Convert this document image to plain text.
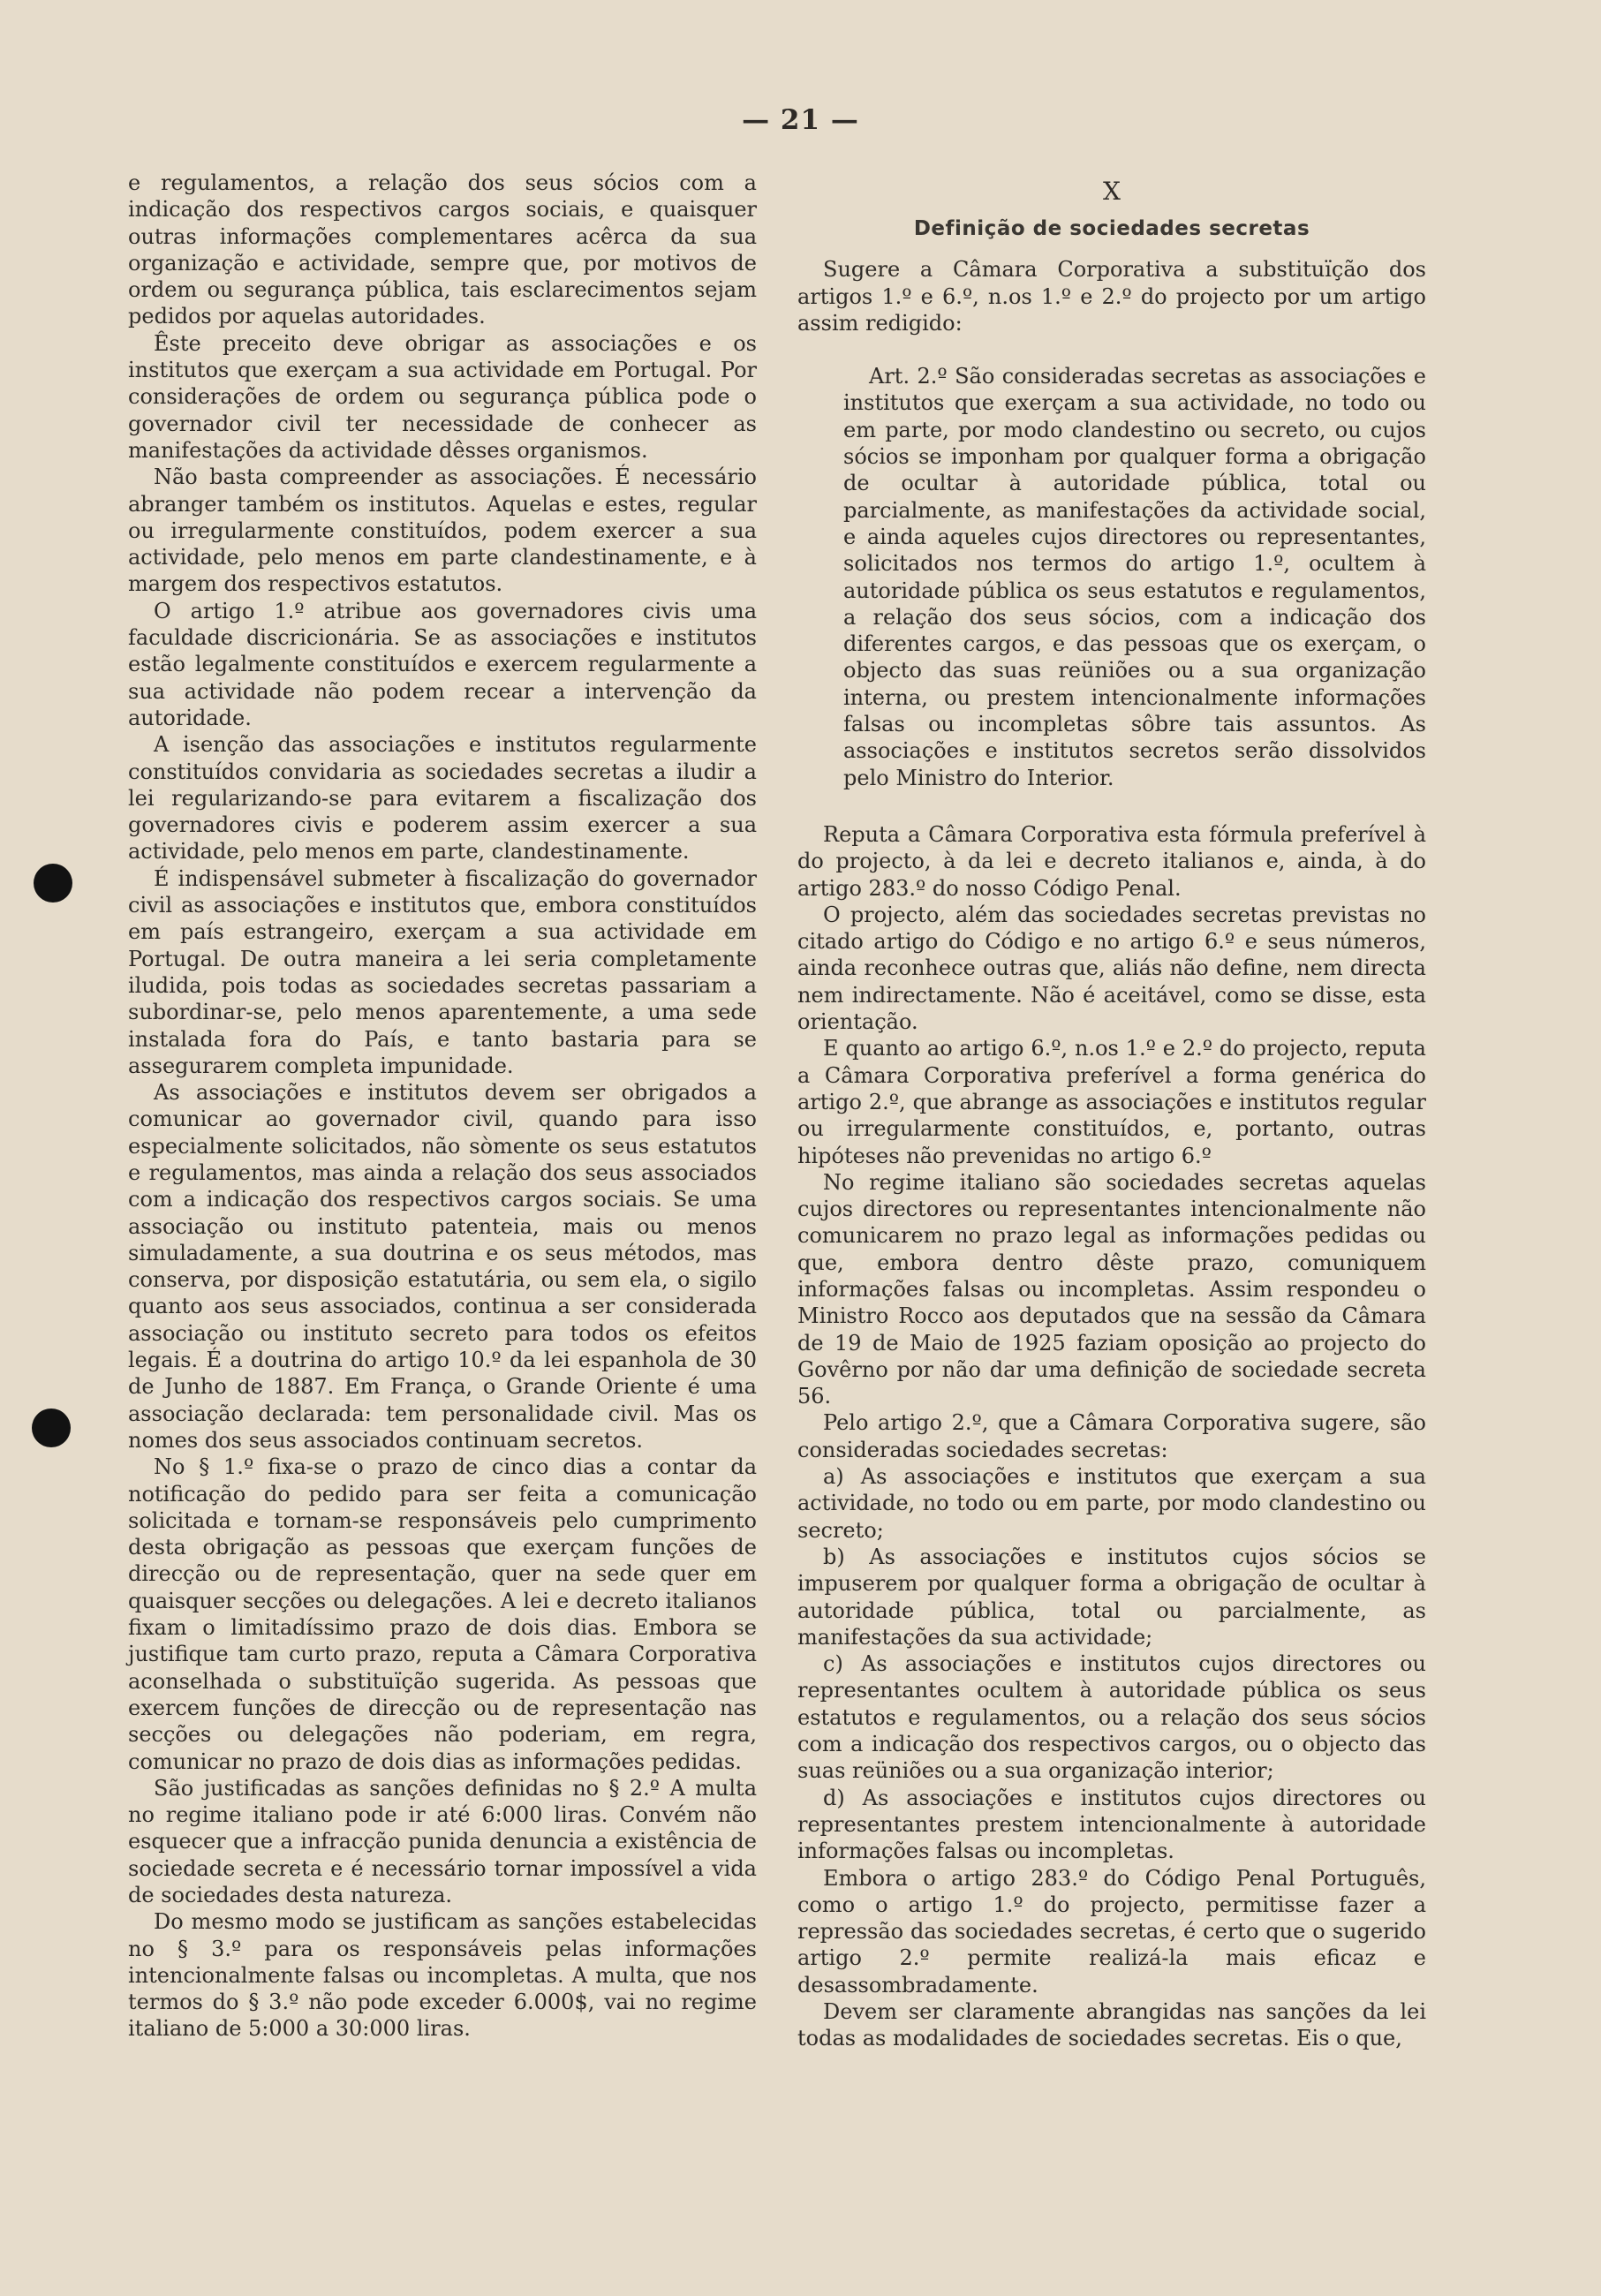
— 21 —

e regulamentos, a relação dos seus sócios com a indicação dos respectivos cargos sociais, e quaisquer outras informações complementares acêrca da sua organização e actividade, sempre que, por motivos de ordem ou segurança pública, tais esclarecimentos sejam pedidos por aquelas autoridades.

Êste preceito deve obrigar as associações e os institutos que exerçam a sua actividade em Portugal. Por considerações de ordem ou segurança pública pode o governador civil ter necessidade de conhecer as manifestações da actividade dêsses organismos.

Não basta compreender as associações. É necessário abranger também os institutos. Aquelas e estes, regular ou irregularmente constituídos, podem exercer a sua actividade, pelo menos em parte clandestinamente, e à margem dos respectivos estatutos.

O artigo 1.º atribue aos governadores civis uma faculdade discricionária. Se as associações e institutos estão legalmente constituídos e exercem regularmente a sua actividade não podem recear a intervenção da autoridade.

A isenção das associações e institutos regularmente constituídos convidaria as sociedades secretas a iludir a lei regularizando-se para evitarem a fiscalização dos governadores civis e poderem assim exercer a sua actividade, pelo menos em parte, clandestinamente.

É indispensável submeter à fiscalização do governador civil as associações e institutos que, embora constituídos em país estrangeiro, exerçam a sua actividade em Portugal. De outra maneira a lei seria completamente iludida, pois todas as sociedades secretas passariam a subordinar-se, pelo menos aparentemente, a uma sede instalada fora do País, e tanto bastaria para se assegurarem completa impunidade.

As associações e institutos devem ser obrigados a comunicar ao governador civil, quando para isso especialmente solicitados, não sòmente os seus estatutos e regulamentos, mas ainda a relação dos seus associados com a indicação dos respectivos cargos sociais. Se uma associação ou instituto patenteia, mais ou menos simuladamente, a sua doutrina e os seus métodos, mas conserva, por disposição estatutária, ou sem ela, o sigilo quanto aos seus associados, continua a ser considerada associação ou instituto secreto para todos os efeitos legais. É a doutrina do artigo 10.º da lei espanhola de 30 de Junho de 1887. Em França, o Grande Oriente é uma associação declarada: tem personalidade civil. Mas os nomes dos seus associados continuam secretos.

No § 1.º fixa-se o prazo de cinco dias a contar da notificação do pedido para ser feita a comunicação solicitada e tornam-se responsáveis pelo cumprimento desta obrigação as pessoas que exerçam funções de direcção ou de representação, quer na sede quer em quaisquer secções ou delegações. A lei e decreto italianos fixam o limitadíssimo prazo de dois dias. Embora se justifique tam curto prazo, reputa a Câmara Corporativa aconselhada o substituïção sugerida. As pessoas que exercem funções de direcção ou de representação nas secções ou delegações não poderiam, em regra, comunicar no prazo de dois dias as informações pedidas.

São justificadas as sanções definidas no § 2.º A multa no regime italiano pode ir até 6:000 liras. Convém não esquecer que a infracção punida denuncia a existência de sociedade secreta e é necessário tornar impossível a vida de sociedades desta natureza.

Do mesmo modo se justificam as sanções estabelecidas no § 3.º para os responsáveis pelas informações intencionalmente falsas ou incompletas. A multa, que nos termos do § 3.º não pode exceder 6.000$, vai no regime italiano de 5:000 a 30:000 liras.

X
Definição de sociedades secretas

Sugere a Câmara Corporativa a substituïção dos artigos 1.º e 6.º, n.os 1.º e 2.º do projecto por um artigo assim redigido:

Art. 2.º São consideradas secretas as associações e institutos que exerçam a sua actividade, no todo ou em parte, por modo clandestino ou secreto, ou cujos sócios se imponham por qualquer forma a obrigação de ocultar à autoridade pública, total ou parcialmente, as manifestações da actividade social, e ainda aqueles cujos directores ou representantes, solicitados nos termos do artigo 1.º, ocultem à autoridade pública os seus estatutos e regulamentos, a relação dos seus sócios, com a indicação dos diferentes cargos, e das pessoas que os exerçam, o objecto das suas reüniões ou a sua organização interna, ou prestem intencionalmente informações falsas ou incompletas sôbre tais assuntos. As associações e institutos secretos serão dissolvidos pelo Ministro do Interior.

Reputa a Câmara Corporativa esta fórmula preferível à do projecto, à da lei e decreto italianos e, ainda, à do artigo 283.º do nosso Código Penal.

O projecto, além das sociedades secretas previstas no citado artigo do Código e no artigo 6.º e seus números, ainda reconhece outras que, aliás não define, nem directa nem indirectamente. Não é aceitável, como se disse, esta orientação.

E quanto ao artigo 6.º, n.os 1.º e 2.º do projecto, reputa a Câmara Corporativa preferível a forma genérica do artigo 2.º, que abrange as associações e institutos regular ou irregularmente constituídos, e, portanto, outras hipóteses não prevenidas no artigo 6.º

No regime italiano são sociedades secretas aquelas cujos directores ou representantes intencionalmente não comunicarem no prazo legal as informações pedidas ou que, embora dentro dêste prazo, comuniquem informações falsas ou incompletas. Assim respondeu o Ministro Rocco aos deputados que na sessão da Câmara de 19 de Maio de 1925 faziam oposição ao projecto do Govêrno por não dar uma definição de sociedade secreta 56.

Pelo artigo 2.º, que a Câmara Corporativa sugere, são consideradas sociedades secretas:

a) As associações e institutos que exerçam a sua actividade, no todo ou em parte, por modo clandestino ou secreto;

b) As associações e institutos cujos sócios se impuserem por qualquer forma a obrigação de ocultar à autoridade pública, total ou parcialmente, as manifestações da sua actividade;

c) As associações e institutos cujos directores ou representantes ocultem à autoridade pública os seus estatutos e regulamentos, ou a relação dos seus sócios com a indicação dos respectivos cargos, ou o objecto das suas reüniões ou a sua organização interior;

d) As associações e institutos cujos directores ou representantes prestem intencionalmente à autoridade informações falsas ou incompletas.

Embora o artigo 283.º do Código Penal Português, como o artigo 1.º do projecto, permitisse fazer a repressão das sociedades secretas, é certo que o sugerido artigo 2.º permite realizá-la mais eficaz e desassombradamente.

Devem ser claramente abrangidas nas sanções da lei todas as modalidades de sociedades secretas. Eis o que,
